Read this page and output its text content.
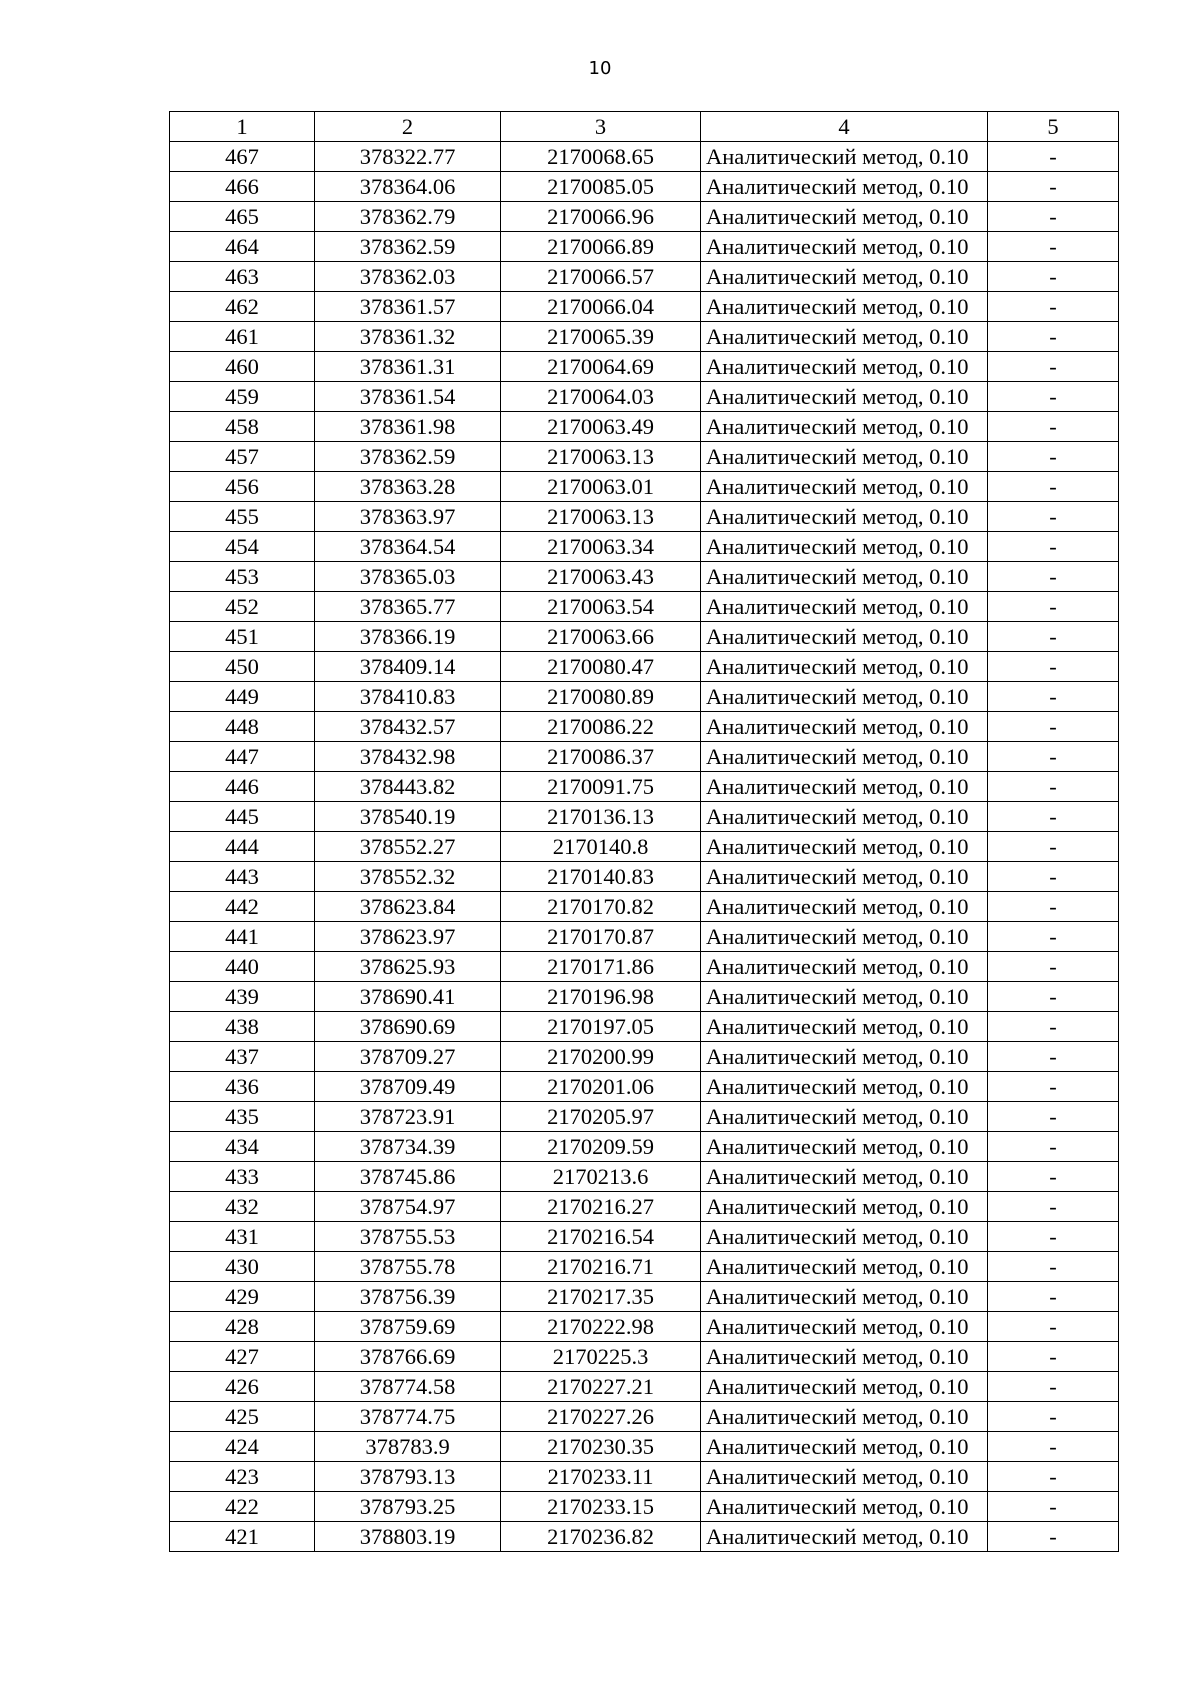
10
1	2	3	4	5
467	378322.77	2170068.65	Аналитический метод, 0.10	-
466	378364.06	2170085.05	Аналитический метод, 0.10	-
465	378362.79	2170066.96	Аналитический метод, 0.10	-
464	378362.59	2170066.89	Аналитический метод, 0.10	-
463	378362.03	2170066.57	Аналитический метод, 0.10	-
462	378361.57	2170066.04	Аналитический метод, 0.10	-
461	378361.32	2170065.39	Аналитический метод, 0.10	-
460	378361.31	2170064.69	Аналитический метод, 0.10	-
459	378361.54	2170064.03	Аналитический метод, 0.10	-
458	378361.98	2170063.49	Аналитический метод, 0.10	-
457	378362.59	2170063.13	Аналитический метод, 0.10	-
456	378363.28	2170063.01	Аналитический метод, 0.10	-
455	378363.97	2170063.13	Аналитический метод, 0.10	-
454	378364.54	2170063.34	Аналитический метод, 0.10	-
453	378365.03	2170063.43	Аналитический метод, 0.10	-
452	378365.77	2170063.54	Аналитический метод, 0.10	-
451	378366.19	2170063.66	Аналитический метод, 0.10	-
450	378409.14	2170080.47	Аналитический метод, 0.10	-
449	378410.83	2170080.89	Аналитический метод, 0.10	-
448	378432.57	2170086.22	Аналитический метод, 0.10	-
447	378432.98	2170086.37	Аналитический метод, 0.10	-
446	378443.82	2170091.75	Аналитический метод, 0.10	-
445	378540.19	2170136.13	Аналитический метод, 0.10	-
444	378552.27	2170140.8	Аналитический метод, 0.10	-
443	378552.32	2170140.83	Аналитический метод, 0.10	-
442	378623.84	2170170.82	Аналитический метод, 0.10	-
441	378623.97	2170170.87	Аналитический метод, 0.10	-
440	378625.93	2170171.86	Аналитический метод, 0.10	-
439	378690.41	2170196.98	Аналитический метод, 0.10	-
438	378690.69	2170197.05	Аналитический метод, 0.10	-
437	378709.27	2170200.99	Аналитический метод, 0.10	-
436	378709.49	2170201.06	Аналитический метод, 0.10	-
435	378723.91	2170205.97	Аналитический метод, 0.10	-
434	378734.39	2170209.59	Аналитический метод, 0.10	-
433	378745.86	2170213.6	Аналитический метод, 0.10	-
432	378754.97	2170216.27	Аналитический метод, 0.10	-
431	378755.53	2170216.54	Аналитический метод, 0.10	-
430	378755.78	2170216.71	Аналитический метод, 0.10	-
429	378756.39	2170217.35	Аналитический метод, 0.10	-
428	378759.69	2170222.98	Аналитический метод, 0.10	-
427	378766.69	2170225.3	Аналитический метод, 0.10	-
426	378774.58	2170227.21	Аналитический метод, 0.10	-
425	378774.75	2170227.26	Аналитический метод, 0.10	-
424	378783.9	2170230.35	Аналитический метод, 0.10	-
423	378793.13	2170233.11	Аналитический метод, 0.10	-
422	378793.25	2170233.15	Аналитический метод, 0.10	-
421	378803.19	2170236.82	Аналитический метод, 0.10	-
